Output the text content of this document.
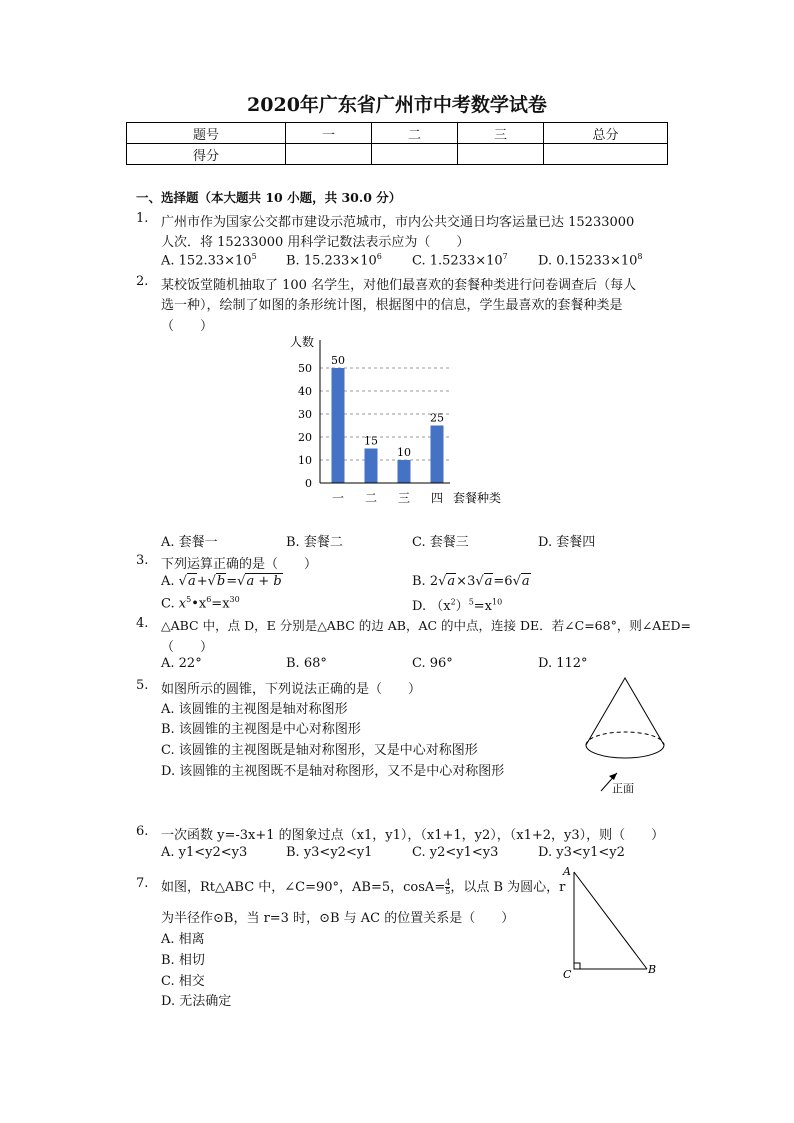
2020年广东省广州市中考数学试卷
题号	一	二	三	总分
得分				
一、选择题（本大题共 10 小题，共 30.0 分）
1. 广州市作为国家公交都市建设示范城市，市内公共交通日均客运量已达 15233000
人次．将 15233000 用科学记数法表示应为（　　）
A. $152.33\times 10^5$ B. $15.233\times 10^6$ C. $1.5233\times 10^7$ D. $0.15233\times 10^8$
2. 某校饭堂随机抽取了 100 名学生，对他们最喜欢的套餐种类进行问卷调查后（每人
选一种），绘制了如图的条形统计图，根据图中的信息，学生最喜欢的套餐种类是
（　　）
50
15
10
25
0
10
20
30
40
50
一 二 三 四
人数
套餐种类
A. 套餐一	B. 套餐二	C. 套餐三	D. 套餐四
3. 下列运算正确的是（　　）
A. √a+√b=√a + b	B. 2√a×3√a=6√a
C. $x^5•x^6=x^{30}$	D. $(x^2)^5=x^{10}$
4. △ABC 中，点 D，E 分别是△ABC 的边 AB，AC 的中点，连接 DE．若∠C=68°，则∠AED=
（　　）
A. 22°	B. 68°	C. 96°	D. 112°
5. 如图所示的圆锥，下列说法正确的是（　　）
A. 该圆锥的主视图是轴对称图形
B. 该圆锥的主视图是中心对称图形
C. 该圆锥的主视图既是轴对称图形，又是中心对称图形
D. 该圆锥的主视图既不是轴对称图形，又不是中心对称图形
正面
6. 一次函数 y=-3x+1 的图象过点（x1，y1），（x1+1，y2），（x1+2，y3），则（　　）
A. y1<y2<y3	B. y3<y2<y1	C. y2<y1<y3	D. y3<y1<y2
7. 如图，Rt△ABC 中，∠C=90°，AB=5，$\cos A= \frac{4}{5}$ ，以点 B 为圆心，r
为半径作⊙B，当 r=3 时，⊙B 与 AC 的位置关系是（　　）
A. 相离
B. 相切
C. 相交
D. 无法确定
A
C	B
